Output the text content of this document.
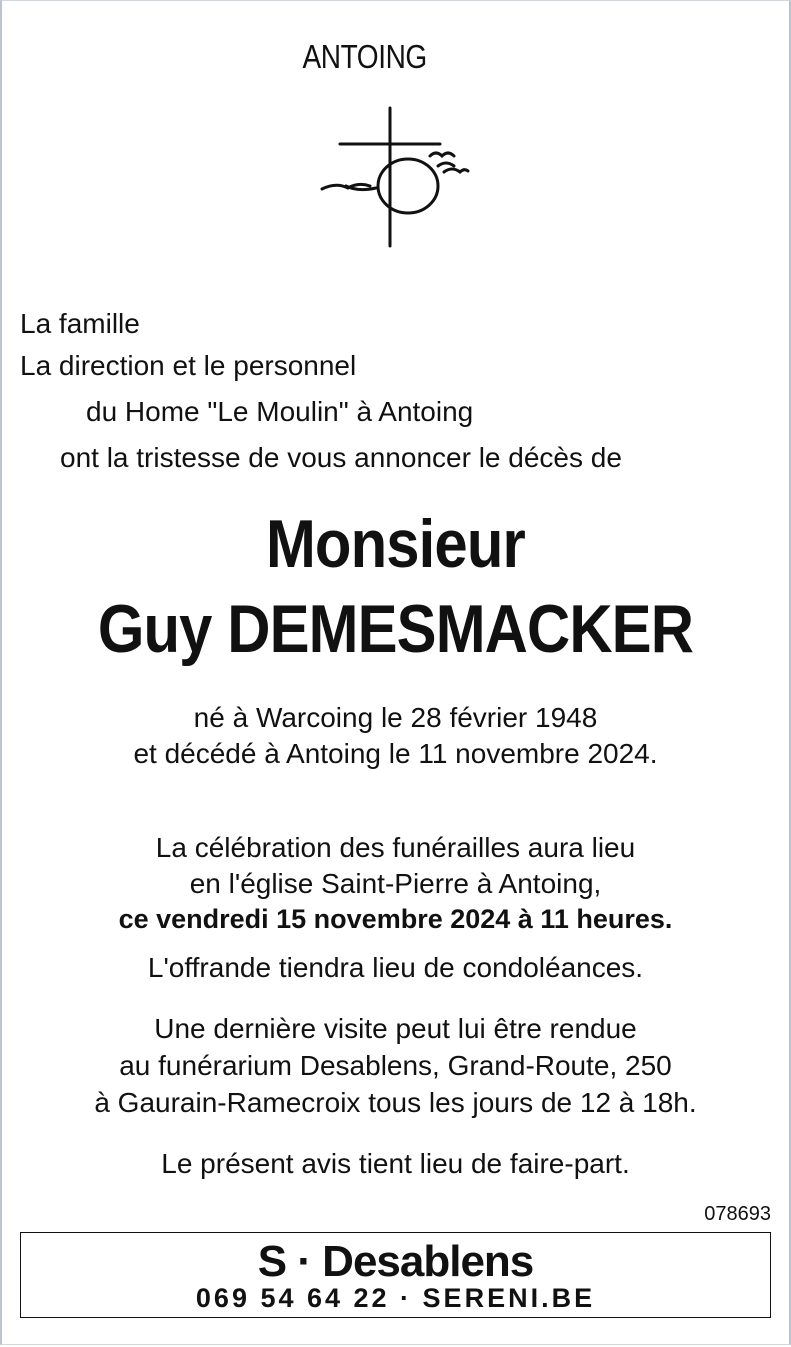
ANTOING
La famille
La direction et le personnel
du Home "Le Moulin" à Antoing
ont la tristesse de vous annoncer le décès de
Monsieur
Guy DEMESMACKER
né à Warcoing le 28 février 1948
et décédé à Antoing le 11 novembre 2024.
La célébration des funérailles aura lieu
en l'église Saint-Pierre à Antoing,
ce vendredi 15 novembre 2024 à 11 heures.
L'offrande tiendra lieu de condoléances.
Une dernière visite peut lui être rendue
au funérarium Desablens, Grand-Route, 250
à Gaurain-Ramecroix tous les jours de 12 à 18h.
Le présent avis tient lieu de faire-part.
078693
S · Desablens
069 54 64 22 · SERENI.BE
